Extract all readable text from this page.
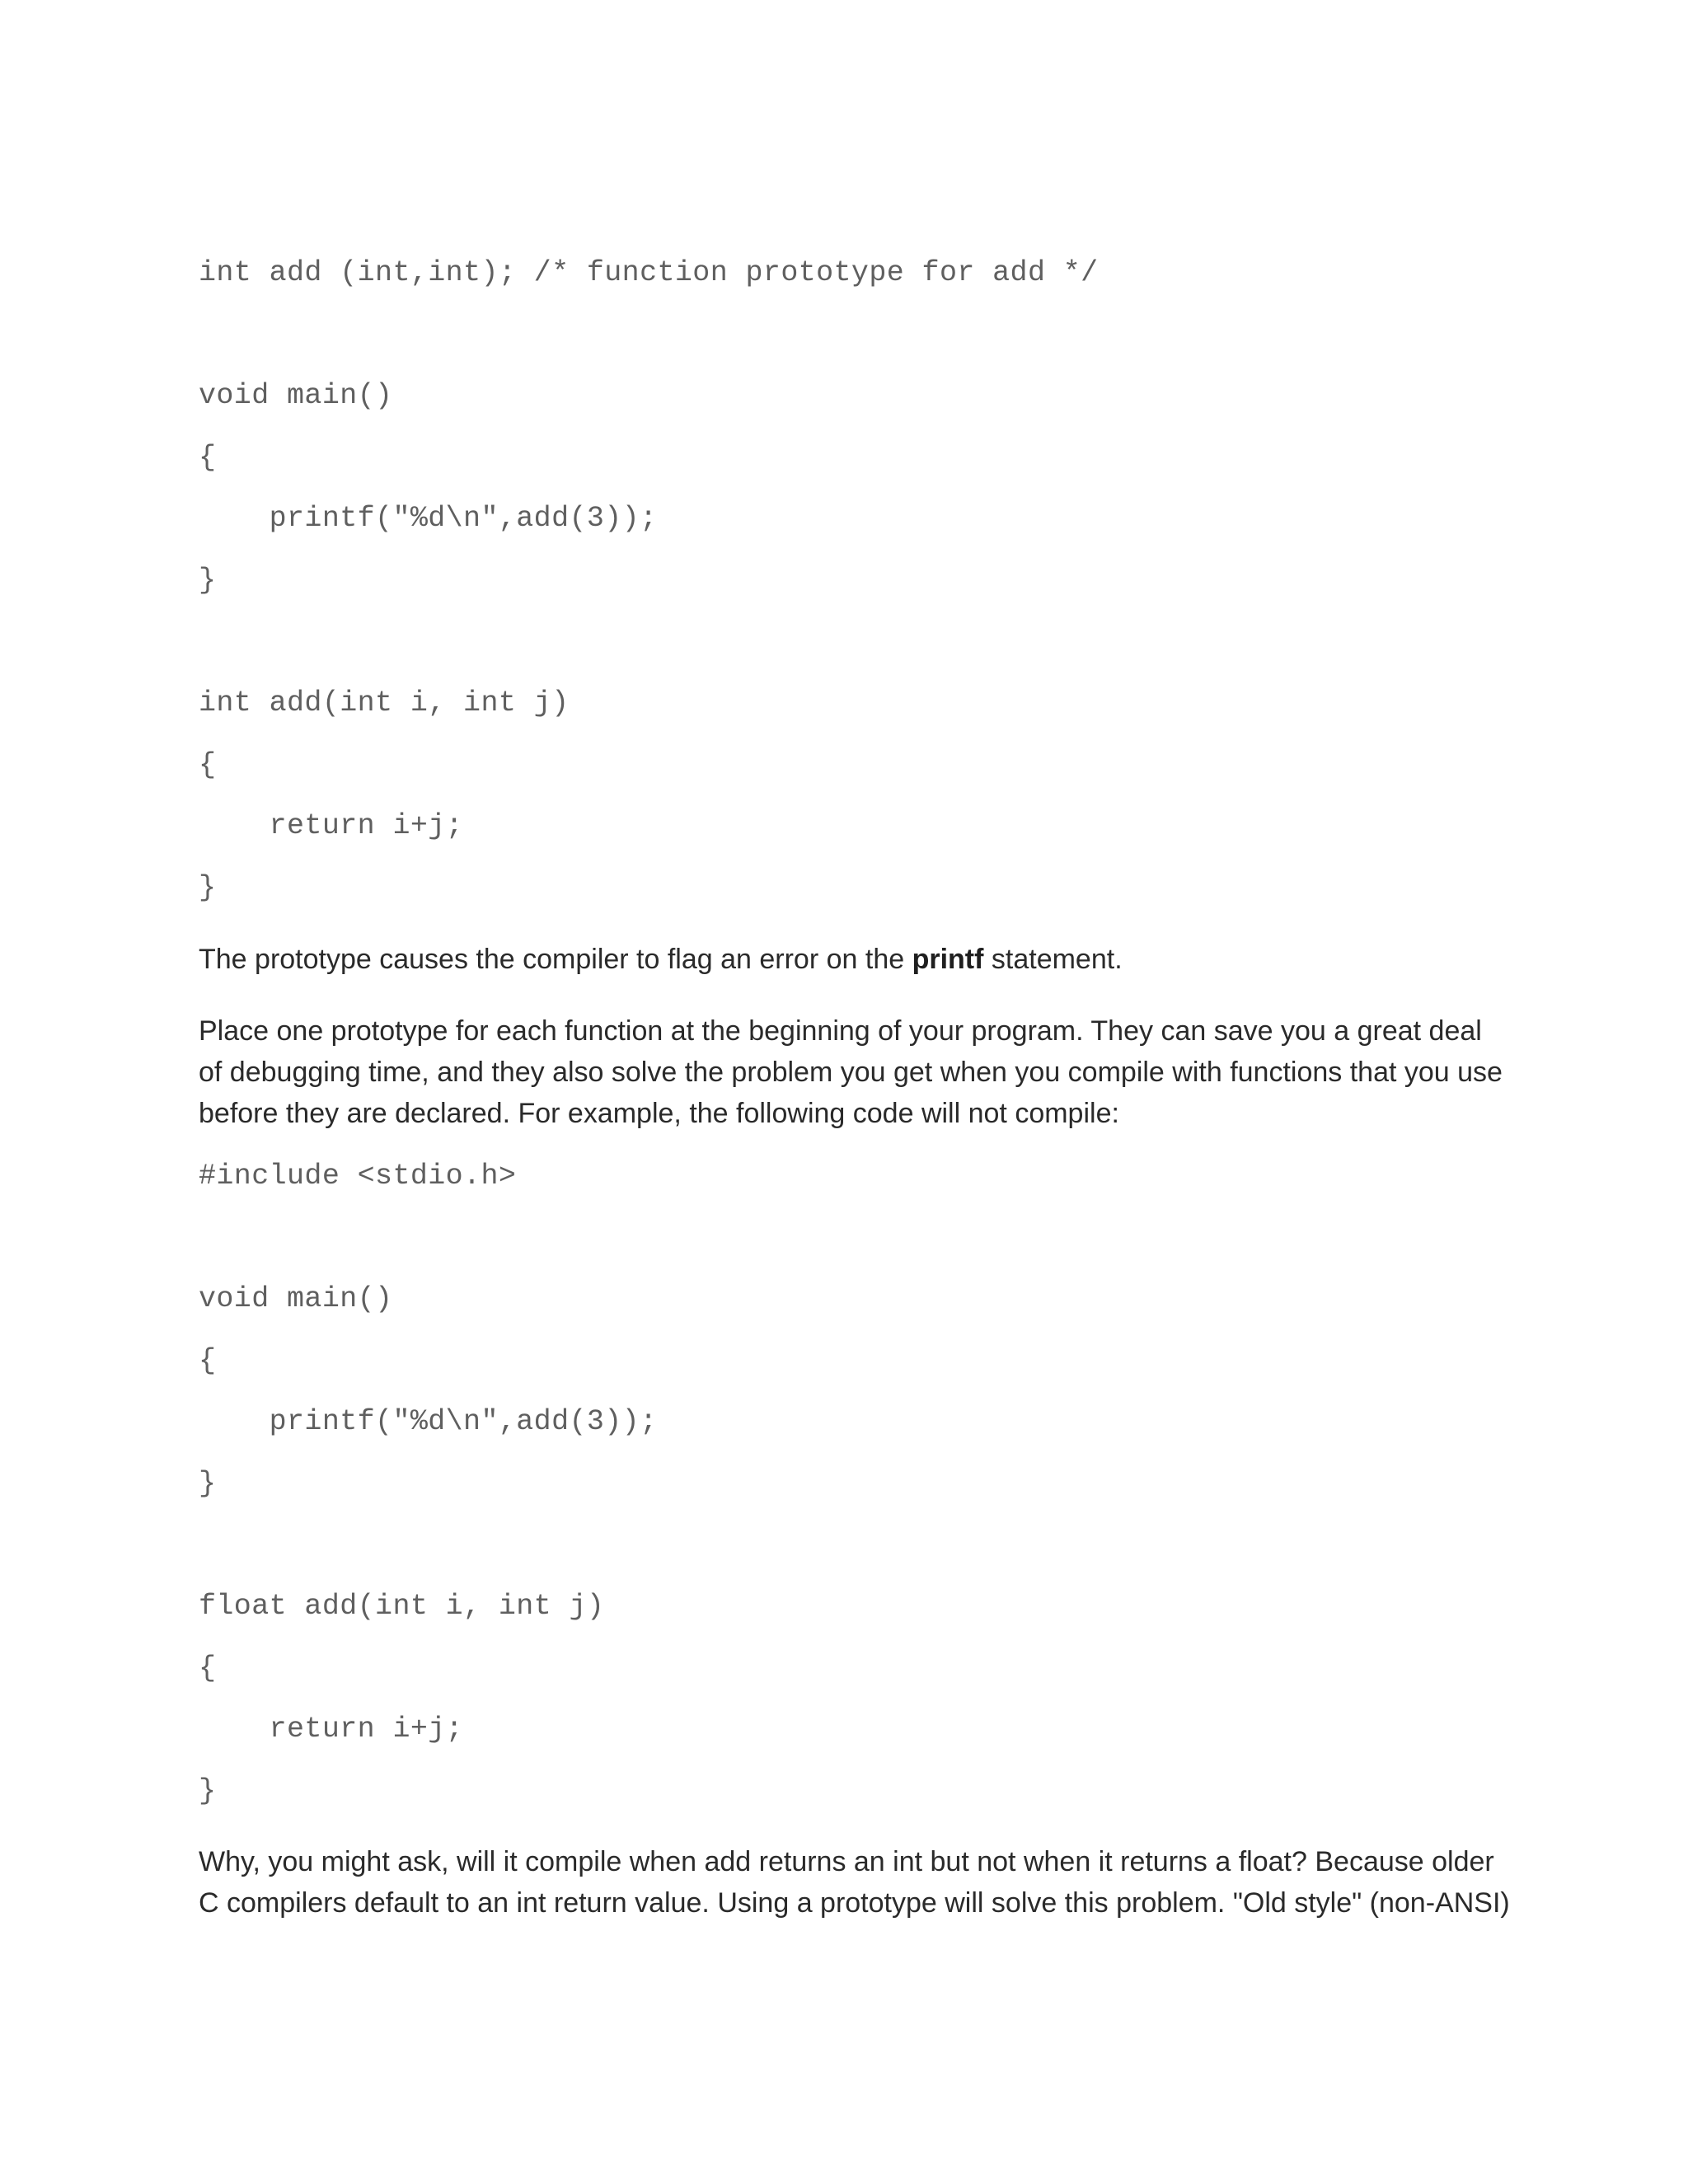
int add (int,int); /* function prototype for add */
void main()
{
printf("%d\n",add(3));
}
int add(int i, int j)
{
return i+j;
}
The prototype causes the compiler to flag an error on the printf statement.
Place one prototype for each function at the beginning of your program. They can save you a great deal
of debugging time, and they also solve the problem you get when you compile with functions that you use
before they are declared. For example, the following code will not compile:
#include <stdio.h>
void main()
{
printf("%d\n",add(3));
}
float add(int i, int j)
{
return i+j;
}
Why, you might ask, will it compile when add returns an int but not when it returns a float? Because older
C compilers default to an int return value. Using a prototype will solve this problem. "Old style" (non-ANSI)
